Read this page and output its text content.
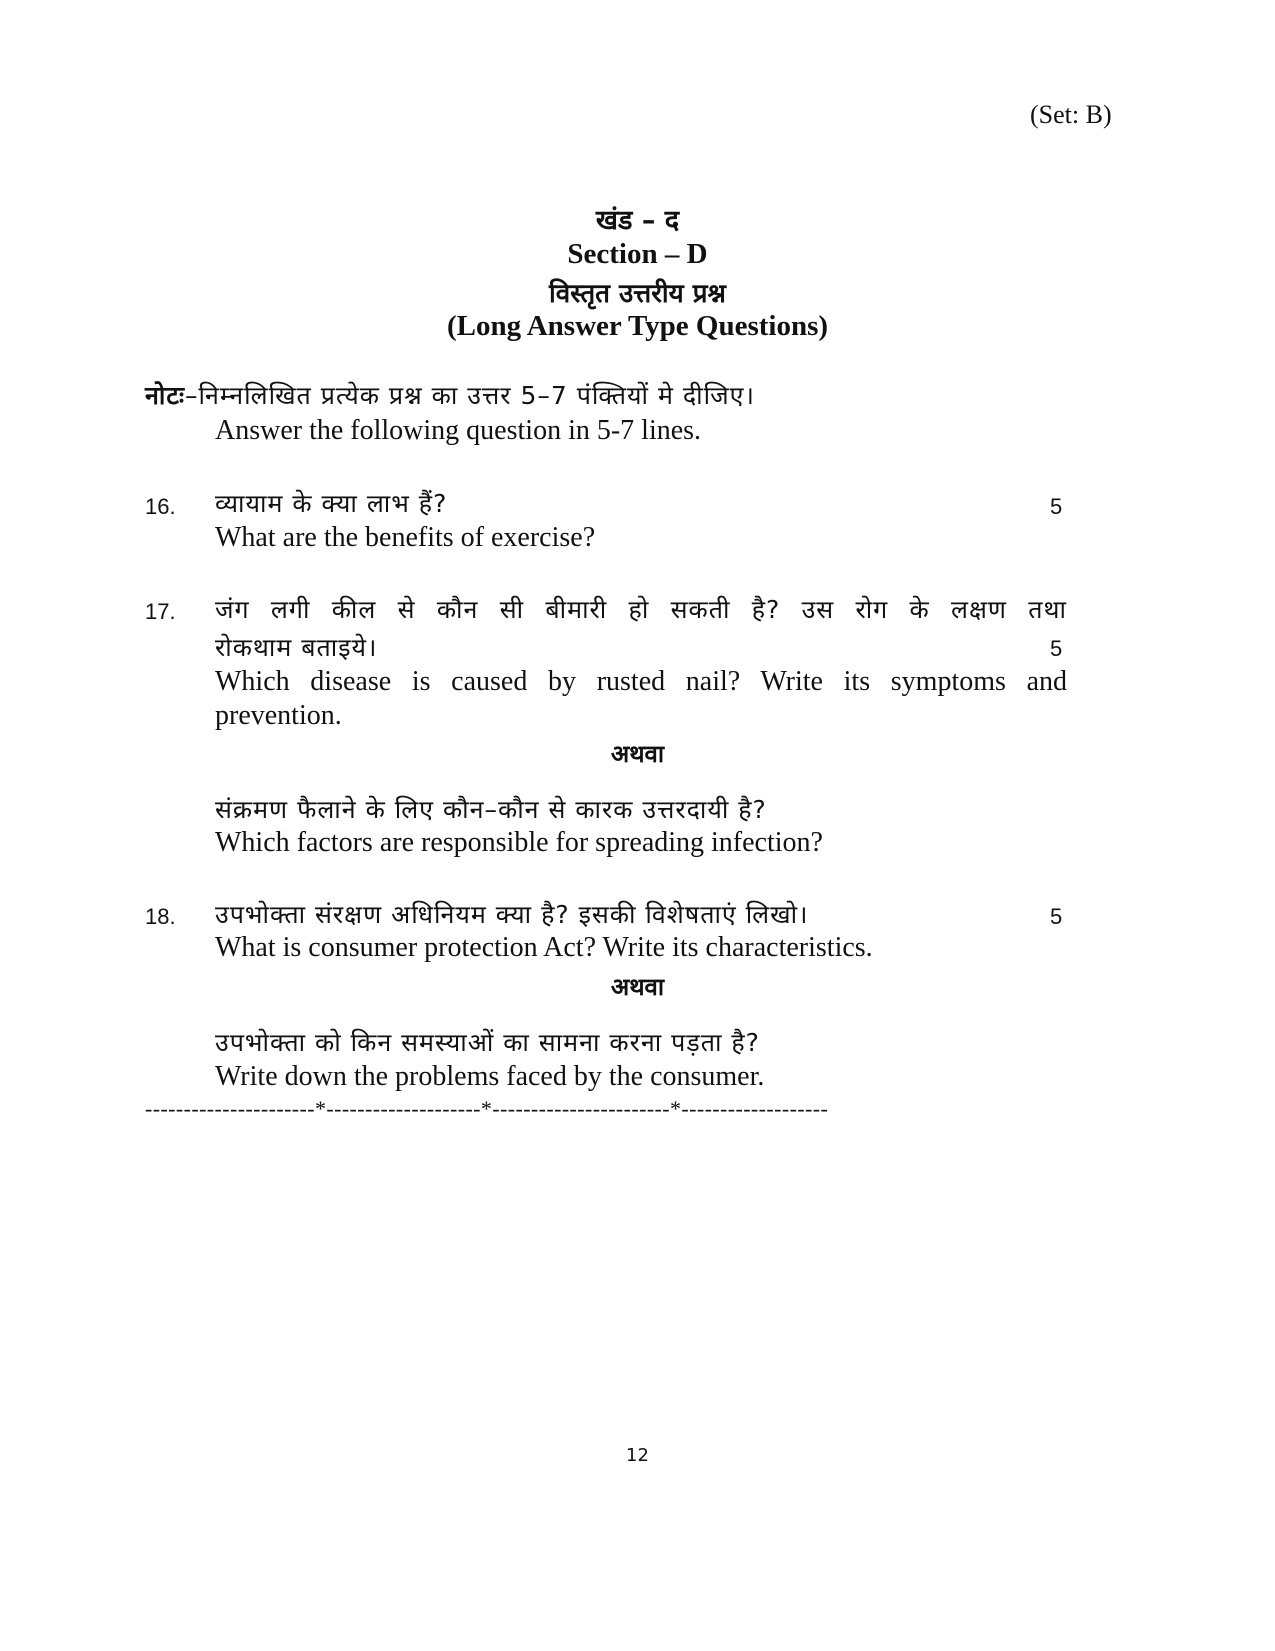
(Set: B)
खंड – द
Section – D
विस्तृत उत्तरीय प्रश्न
(Long Answer Type Questions)
नोटः–निम्नलिखित प्रत्येक प्रश्न का उत्तर 5–7 पंक्तियों मे दीजिए।
Answer the following question in 5-7 lines.
16. व्यायाम के क्या लाभ हैं?	5
What are the benefits of exercise?
17. जंग लगी कील से कौन सी बीमारी हो सकती है? उस रोग के लक्षण तथा
रोकथाम बताइये।	5
Which disease is caused by rusted nail? Write its symptoms and
prevention.
अथवा
संक्रमण फैलाने के लिए कौन–कौन से कारक उत्तरदायी है?
Which factors are responsible for spreading infection?
18. उपभोक्ता संरक्षण अधिनियम क्या है? इसकी विशेषताएं लिखो।	5
What is consumer protection Act? Write its characteristics.
अथवा
उपभोक्ता को किन समस्याओं का सामना करना पड़ता है?
Write down the problems faced by the consumer.
----------------------*--------------------*-----------------------*-------------------
12
